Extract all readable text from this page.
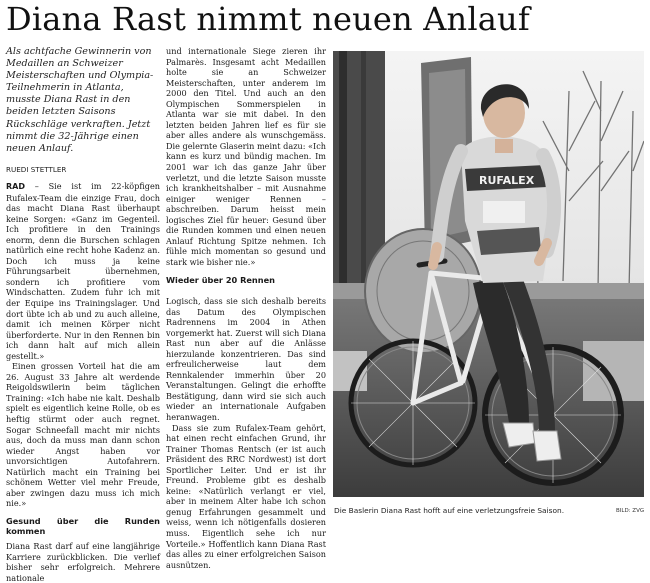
Diana Rast nimmt neuen Anlauf
Als achtfache Gewinnerin von Medaillen an Schweizer Meisterschaften und Olympia-Teilnehmerin in Atlanta, musste Diana Rast in den beiden letzten Saisons Rückschläge verkraften. Jetzt nimmt die 32-Jährige einen neuen Anlauf.
RUEDI STETTLER

RAD – Sie ist im 22-köpfigen Rufalex-Team die einzige Frau, doch das macht Diana Rast überhaupt keine Sorgen: «Ganz im Gegenteil. Ich profitiere in den Trainings enorm, denn die Burschen schlagen natürlich eine recht hohe Kadenz an. Doch ich muss ja keine Führungsarbeit übernehmen, sondern ich profitiere vom Windschatten. Zudem fuhr ich mit der Equipe ins Trainingslager. Und dort übte ich ab und zu auch alleine, damit ich meinen Körper nicht überforderte. Nur in den Rennen bin ich dann halt auf mich allein gestellt.»

Einen grossen Vorteil hat die am 26. August 33 Jahre alt werdende Reigoldswilerin beim täglichen Training: «Ich habe nie kalt. Deshalb spielt es eigentlich keine Rolle, ob es heftig stürmt oder auch regnet. Sogar Schneefall macht mir nichts aus, doch da muss man dann schon wieder Angst haben vor unvorsichtigen Autofahrern. Natürlich macht ein Training bei schönem Wetter viel mehr Freude, aber zwingen dazu muss ich mich nie.»

Gesund über die Runden kommen

Diana Rast darf auf eine langjährige Karriere zurückblicken. Die verlief bisher sehr erfolgreich. Mehrere nationale

und internationale Siege zieren ihr Palmarès. Insgesamt acht Medaillen holte sie an Schweizer Meisterschaften, unter anderem im 2000 den Titel. Und auch an den Olympischen Sommerspielen in Atlanta war sie mit dabei. In den letzten beiden Jahren lief es für sie aber alles andere als wunschgemäss. Die gelernte Glaserin meint dazu: «Ich kann es kurz und bündig machen. Im 2001 war ich das ganze Jahr über verletzt, und die letzte Saison musste ich krankheitshalber – mit Ausnahme einiger weniger Rennen – abschreiben. Darum heisst mein logisches Ziel für heuer: Gesund über die Runden kommen und einen neuen Anlauf Richtung Spitze nehmen. Ich fühle mich momentan so gesund und stark wie bisher nie.»

Wieder über 20 Rennen

Logisch, dass sie sich deshalb bereits das Datum des Olympischen Radrennens im 2004 in Athen vorgemerkt hat. Zuerst will sich Diana Rast nun aber auf die Anlässe hierzulande konzentrieren. Das sind erfreulicherweise laut dem Rennkalender immerhin über 20 Veranstaltungen. Gelingt die erhoffte Bestätigung, dann wird sie sich auch wieder an internationale Aufgaben heranwagen.

Dass sie zum Rufalex-Team gehört, hat einen recht einfachen Grund, ihr Trainer Thomas Rentsch (er ist auch Präsident des RRC Nordwest) ist dort Sportlicher Leiter. Und er ist ihr Freund. Probleme gibt es deshalb keine: «Natürlich verlangt er viel, aber in meinem Alter habe ich schon genug Erfahrungen gesammelt und weiss, wenn ich nötigenfalls dosieren muss. Eigentlich sehe ich nur Vorteile.» Hoffentlich kann Diana Rast das alles zu einer erfolgreichen Saison ausnützen.

RUFALEX
Die Baslerin Diana Rast hofft auf eine verletzungsfreie Saison.	BILD: ZVG
